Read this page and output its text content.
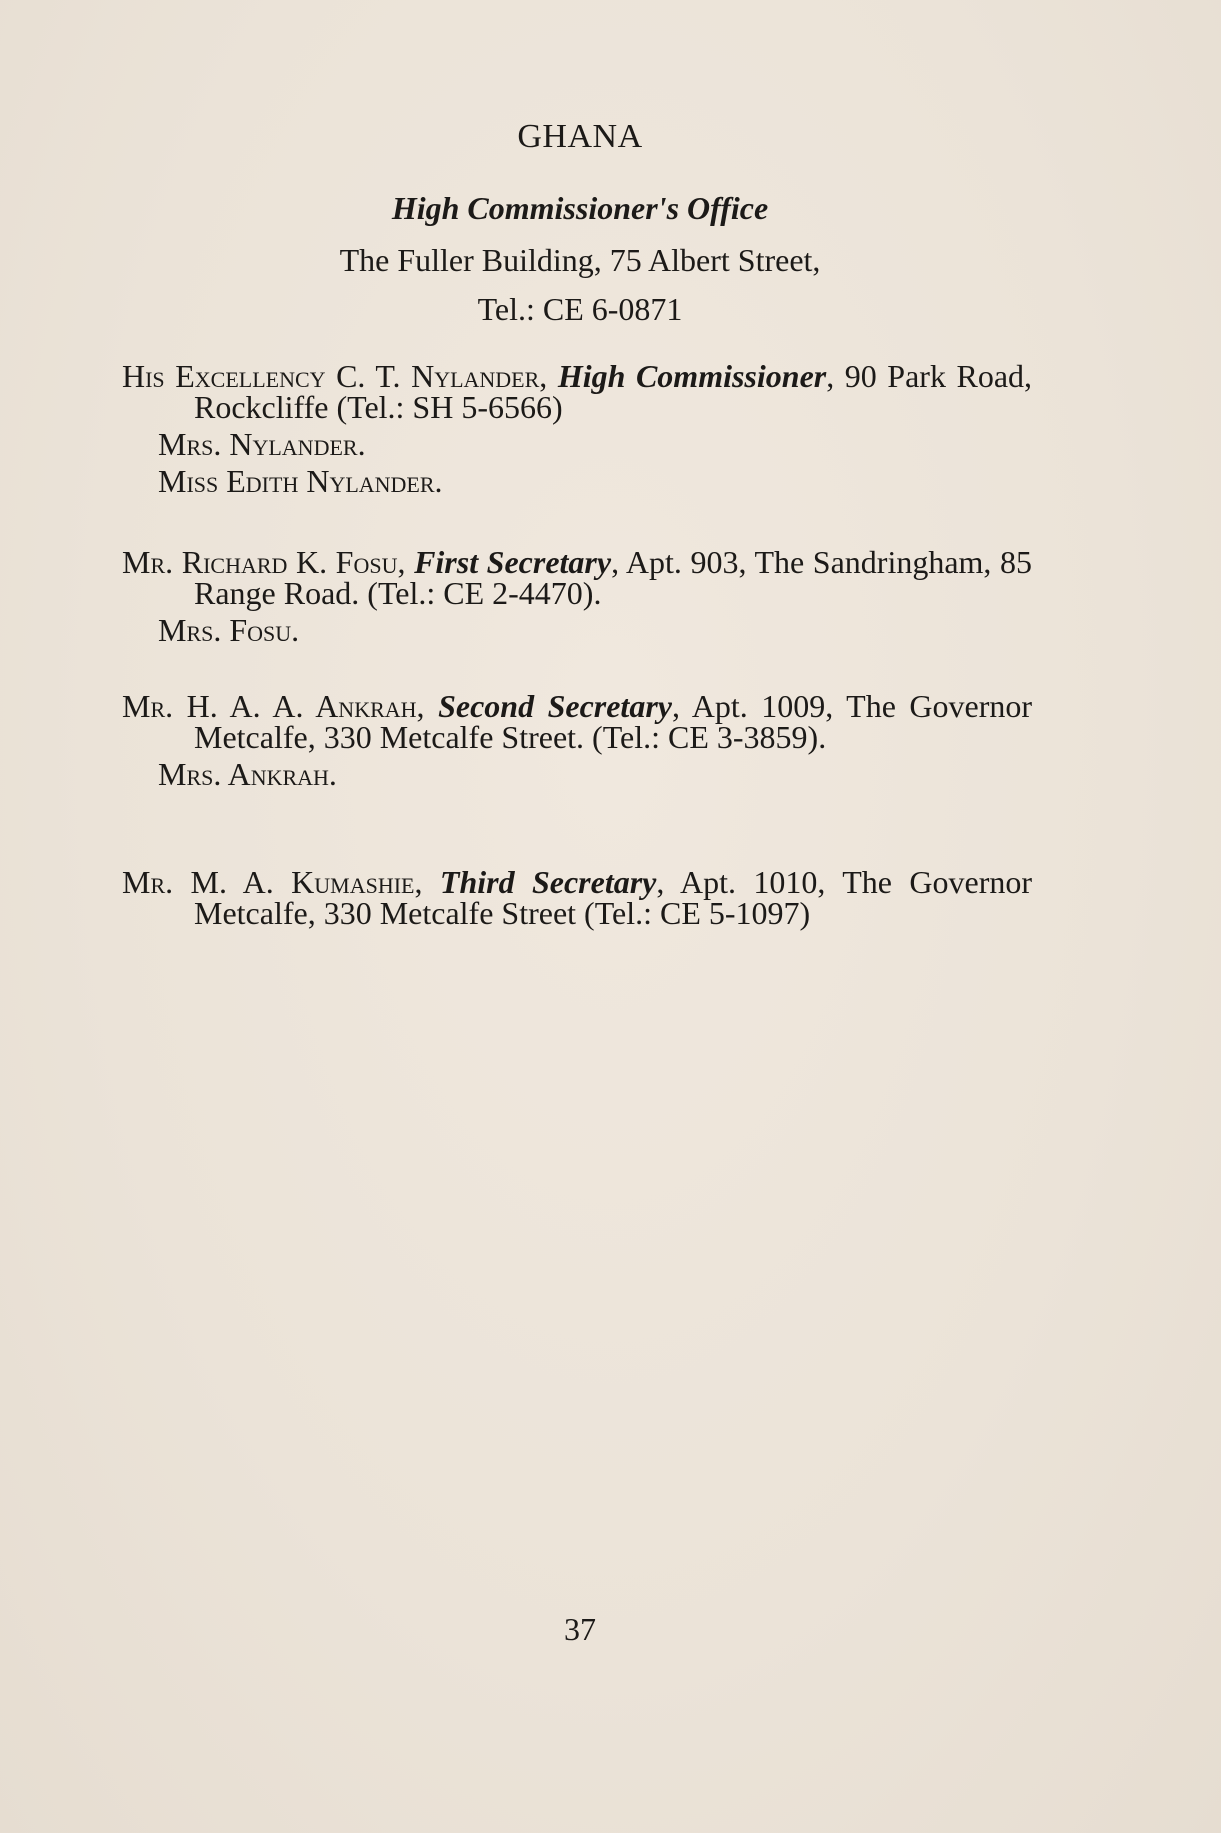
GHANA
High Commissioner's Office
The Fuller Building, 75 Albert Street,
Tel.: CE 6-0871
His Excellency C. T. Nylander, High Commissioner, 90 Park Road, Rockcliffe (Tel.: SH 5-6566)
Mrs. Nylander.
Miss Edith Nylander.
Mr. Richard K. Fosu, First Secretary, Apt. 903, The Sandringham, 85 Range Road. (Tel.: CE 2-4470).
Mrs. Fosu.
Mr. H. A. A. Ankrah, Second Secretary, Apt. 1009, The Governor Metcalfe, 330 Metcalfe Street. (Tel.: CE 3-3859).
Mrs. Ankrah.
Mr. M. A. Kumashie, Third Secretary, Apt. 1010, The Governor Metcalfe, 330 Metcalfe Street (Tel.: CE 5-1097)
37
